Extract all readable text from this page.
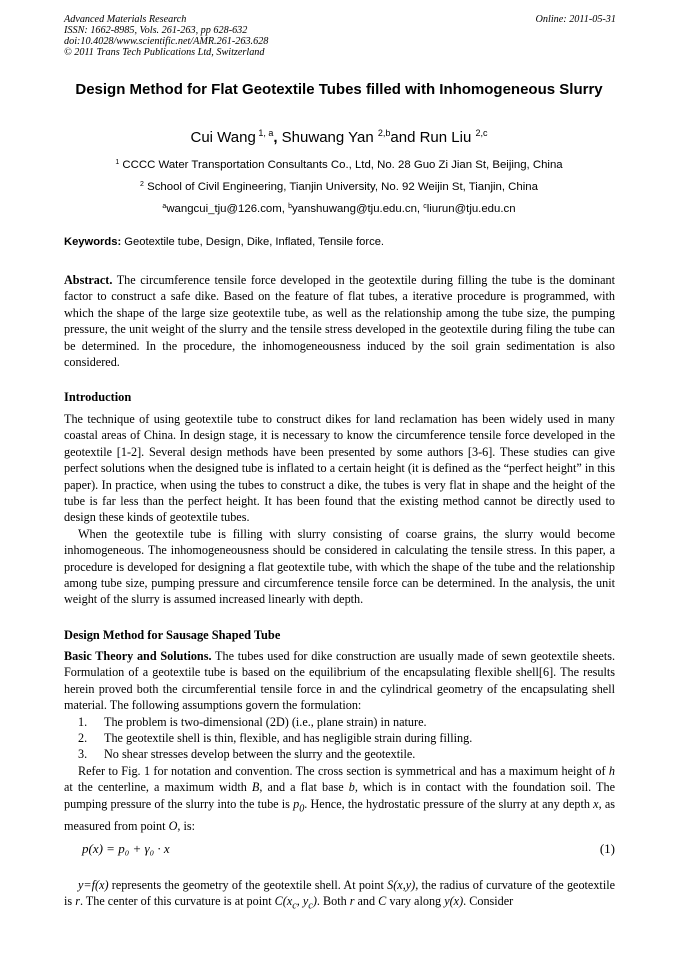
Advanced Materials Research
ISSN: 1662-8985, Vols. 261-263, pp 628-632
doi:10.4028/www.scientific.net/AMR.261-263.628
© 2011 Trans Tech Publications Ltd, Switzerland
Online: 2011-05-31
Design Method for Flat Geotextile Tubes filled with Inhomogeneous Slurry
Cui Wang $^{1, a}$, Shuwang Yan $^{2,b}$and Run Liu $^{2,c}$
$^1$ CCCC Water Transportation Consultants Co., Ltd, No. 28 Guo Zi Jian St, Beijing, China
$^2$ School of Civil Engineering, Tianjin University, No. 92 Weijin St, Tianjin, China
$^a$wangcui_tju@126.com, $^b$yanshuwang@tju.edu.cn, $^c$liurun@tju.edu.cn
Keywords: Geotextile tube, Design, Dike, Inflated, Tensile force.

Abstract. The circumference tensile force developed in the geotextile during filling the tube is the dominant factor to construct a safe dike. Based on the feature of flat tubes, a iterative procedure is programmed, with which the shape of the large size geotextile tube, as well as the relationship among the tube size, the pumping pressure, the unit weight of the slurry and the tensile stress developed in the geotextile during filing the tube can be determined. In the procedure, the inhomogeneousness induced by the soil grain sedimentation is also considered.

Introduction

The technique of using geotextile tube to construct dikes for land reclamation has been widely used in many coastal areas of China. In design stage, it is necessary to know the circumference tensile force developed in the geotextile [1-2]. Several design methods have been presented by some authors [3-6]. These studies can give perfect solutions when the designed tube is inflated to a certain height (it is defined as the “perfect height” in this paper). In practice, when using the tubes to construct a dike, the tubes is very flat in shape and the height of the tube is far less than the perfect height. It has been found that the existing method cannot be directly used to design these kinds of geotextile tubes.

When the geotextile tube is filling with slurry consisting of coarse grains, the slurry would become inhomogeneous. The inhomogeneousness should be considered in calculating the tensile stress. In this paper, a procedure is developed for designing a flat geotextile tube, with which the shape of the tube and the relationship among tube size, pumping pressure and circumference tensile force can be determined. In the analysis, the unit weight of the slurry is assumed increased linearly with depth.

Design Method for Sausage Shaped Tube

Basic Theory and Solutions. The tubes used for dike construction are usually made of sewn geotextile sheets. Formulation of a geotextile tube is based on the equilibrium of the encapsulating flexible shell[6]. The results herein proved both the circumferential tensile force in and the cylindrical geometry of the encapsulating shell material. The following assumptions govern the formulation:

1.	The problem is two-dimensional (2D) (i.e., plane strain) in nature.
2.	The geotextile shell is thin, flexible, and has negligible strain during filling.
3.	No shear stresses develop between the slurry and the geotextile.

Refer to Fig. 1 for notation and convention. The cross section is symmetrical and has a maximum height of h at the centerline, a maximum width B, and a flat base b, which is in contact with the foundation soil. The pumping pressure of the slurry into the tube is $p_0$. Hence, the hydrostatic pressure of the slurry at any depth x, as measured from point O, is:

p(x) = p₀ + γ₀ · x	(1)

y=f(x) represents the geometry of the geotextile shell. At point S(x,y), the radius of curvature of the geotextile is r. The center of this curvature is at point $C(x_c$, $y_c$). Both r and C vary along y(x). Consider
